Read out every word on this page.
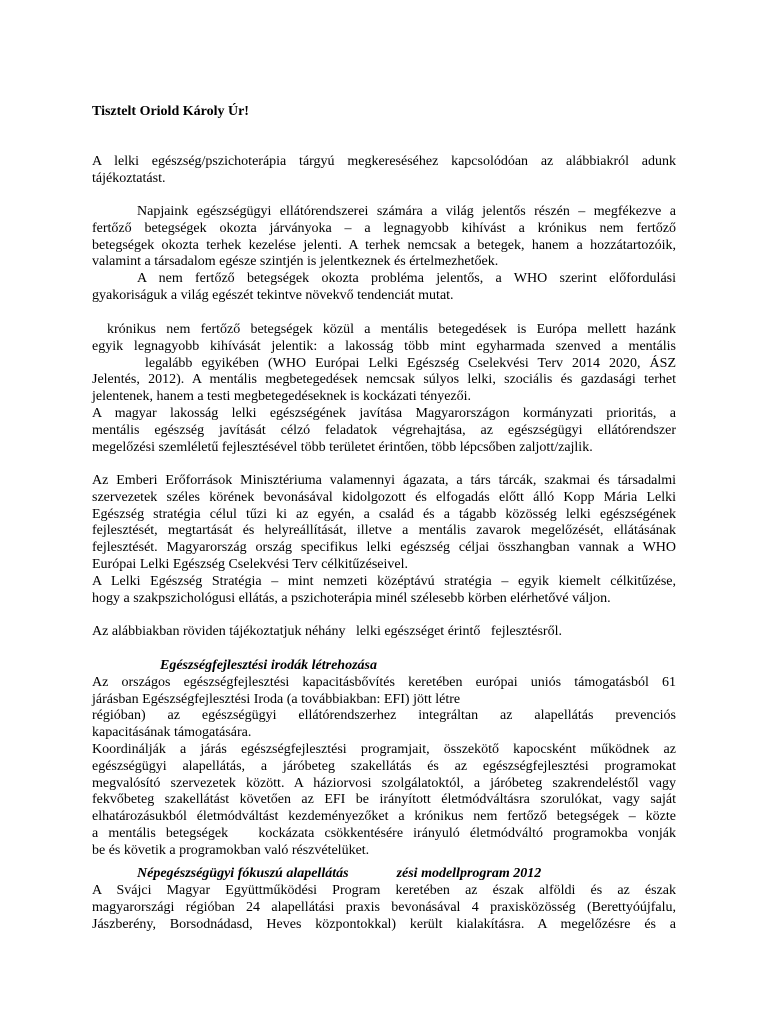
Tisztelt Oriold Károly Úr!
A lelki egészség/pszichoterápia tárgyú megkereséséhez kapcsolódóan az alábbiakról adunk
tájékoztatást.
Napjaink egészségügyi ellátórendszerei számára a világ jelentős részén – megfékezve a
fertőző betegségek okozta járványoka – a legnagyobb kihívást a krónikus nem fertőző
betegségek okozta terhek kezelése jelenti. A terhek nemcsak a betegek, hanem a hozzátartozóik,
valamint a társadalom egésze szintjén is jelentkeznek és értelmezhetőek.
A nem fertőző betegségek okozta probléma jelentős, a WHO szerint előfordulási
gyakoriságuk a világ egészét tekintve növekvő tendenciát mutat.
krónikus nem fertőző betegségek közül a mentális betegedések is Európa mellett hazánk
egyik legnagyobb kihívását jelentik: a lakosság több mint egyharmada szenved a mentális
legalább egyikében (WHO Európai Lelki Egészség Cselekvési Terv 2014 2020, ÁSZ
Jelentés, 2012). A mentális megbetegedések nemcsak súlyos lelki, szociális és gazdasági terhet
jelentenek, hanem a testi megbetegedéseknek is kockázati tényezői.
A magyar lakosság lelki egészségének javítása Magyarországon kormányzati prioritás, a
mentális egészség javítását célzó feladatok végrehajtása, az egészségügyi ellátórendszer
megelőzési szemléletű fejlesztésével több területet érintően, több lépcsőben zaljott/zajlik.
Az Emberi Erőforrások Minisztériuma valamennyi ágazata, a társ tárcák, szakmai és társadalmi
szervezetek széles körének bevonásával kidolgozott és elfogadás előtt álló Kopp Mária Lelki
Egészség stratégia célul tűzi ki az egyén, a család és a tágabb közösség lelki egészségének
fejlesztését, megtartását és helyreállítását, illetve a mentális zavarok megelőzését, ellátásának
fejlesztését. Magyarország ország specifikus lelki egészség céljai összhangban vannak a WHO
Európai Lelki Egészség Cselekvési Terv célkitűzéseivel.
A Lelki Egészség Stratégia – mint nemzeti középtávú stratégia – egyik kiemelt célkitűzése,
hogy a szakpszichológusi ellátás, a pszichoterápia minél szélesebb körben elérhetővé váljon.
Az alábbiakban röviden tájékoztatjuk néhány   lelki egészséget érintő   fejlesztésről.
Egészségfejlesztési irodák létrehozása
Az országos egészségfejlesztési kapacitásbővítés keretében európai uniós támogatásból 61
járásban Egészségfejlesztési Iroda (a továbbiakban: EFI) jött létre
régióban) az egészségügyi ellátórendszerhez integráltan az alapellátás prevenciós
kapacitásának támogatására.
Koordinálják a járás egészségfejlesztési programjait, összekötő kapocsként működnek az
egészségügyi alapellátás, a járóbeteg szakellátás és az egészségfejlesztési programokat
megvalósító szervezetek között. A háziorvosi szolgálatoktól, a járóbeteg szakrendeléstől vagy
fekvőbeteg szakellátást követően az EFI be irányított életmódváltásra szorulókat, vagy saját
elhatározásukból életmódváltást kezdeményezőket a krónikus nem fertőző betegségek – közte
a mentális betegségek   kockázata csökkentésére irányuló életmódváltó programokba vonják
be és követik a programokban való részvételüket.
Népegészségügyi fókuszú alapellátás	zési modellprogram 2012
A Svájci Magyar Együttműködési Program keretében az észak alföldi és az észak
magyarországi régióban 24 alapellátási praxis bevonásával 4 praxisközösség (Berettyóújfalu,
Jászberény, Borsodnádasd, Heves központokkal) került kialakításra. A megelőzésre és a
